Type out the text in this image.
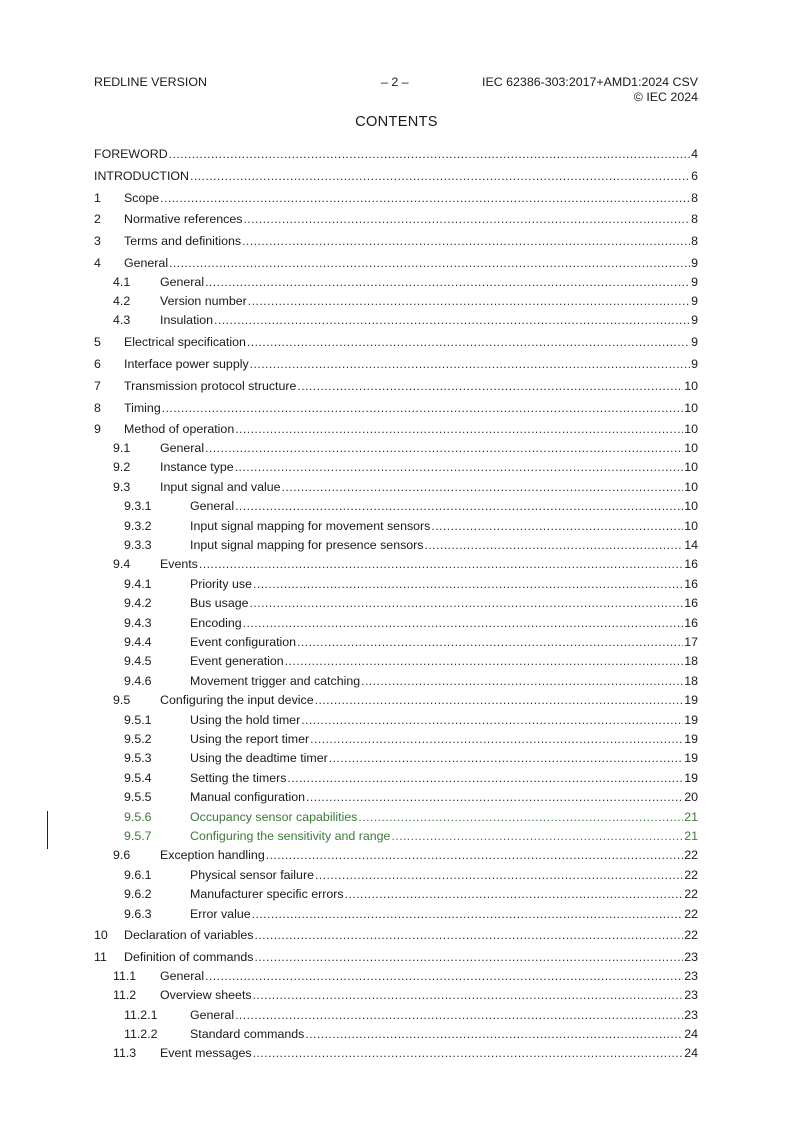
REDLINE VERSION	– 2 –	IEC 62386-303:2017+AMD1:2024 CSV
© IEC 2024
CONTENTS
FOREWORD .....	4
INTRODUCTION .....	6
1 Scope .....	8
2 Normative references .....	8
3 Terms and definitions .....	8
4 General .....	9
4.1 General .....	9
4.2 Version number .....	9
4.3 Insulation .....	9
5 Electrical specification .....	9
6 Interface power supply .....	9
7 Transmission protocol structure .....	10
8 Timing .....	10
9 Method of operation .....	10
9.1 General .....	10
9.2 Instance type .....	10
9.3 Input signal and value .....	10
9.3.1	General .....	10
9.3.2	Input signal mapping for movement sensors .....	10
9.3.3	Input signal mapping for presence sensors .....	14
9.4 Events .....	16
9.4.1	Priority use .....	16
9.4.2	Bus usage .....	16
9.4.3	Encoding .....	16
9.4.4	Event configuration .....	17
9.4.5	Event generation .....	18
9.4.6	Movement trigger and catching .....	18
9.5 Configuring the input device .....	19
9.5.1	Using the hold timer .....	19
9.5.2	Using the report timer .....	19
9.5.3	Using the deadtime timer .....	19
9.5.4	Setting the timers .....	19
9.5.5	Manual configuration .....	20
9.5.6	Occupancy sensor capabilities .....	21
9.5.7	Configuring the sensitivity and range .....	21
9.6 Exception handling .....	22
9.6.1	Physical sensor failure .....	22
9.6.2	Manufacturer specific errors .....	22
9.6.3	Error value .....	22
10 Declaration of variables .....	22
11 Definition of commands .....	23
11.1 General .....	23
11.2 Overview sheets .....	23
11.2.1	General .....	23
11.2.2	Standard commands .....	24
11.3 Event messages .....	24
